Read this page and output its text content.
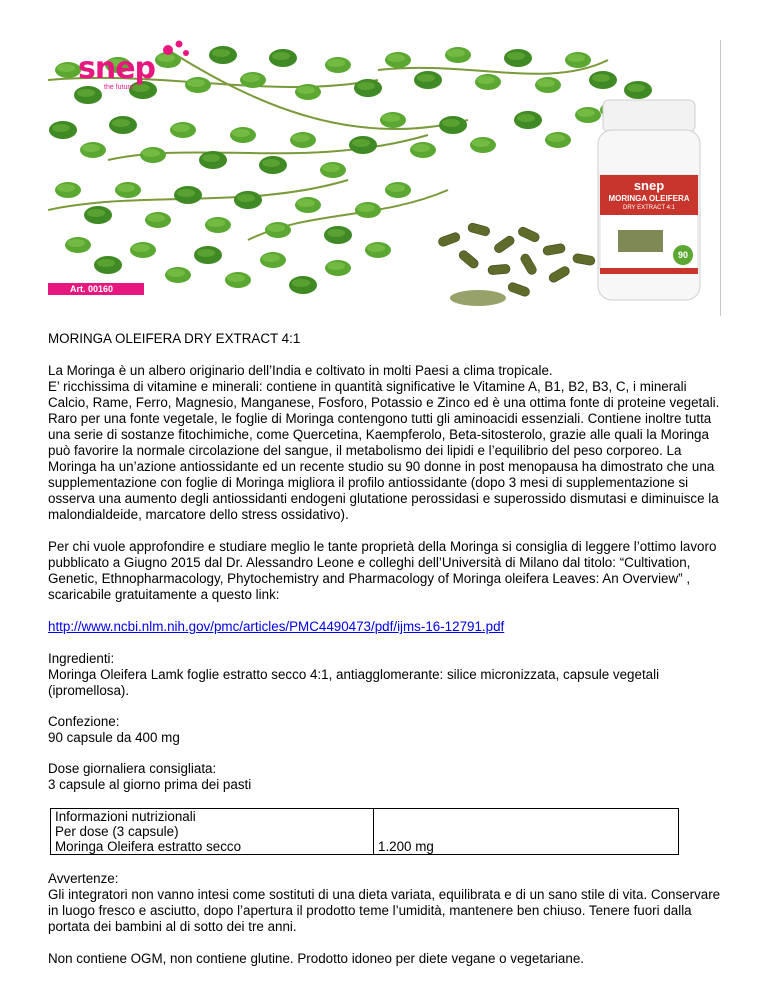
snep
the future
Art. 00160
snep
MORINGA OLEIFERA
DRY EXTRACT 4:1
90

MORINGA OLEIFERA DRY EXTRACT 4:1

La Moringa è un albero originario dell’India e coltivato in molti Paesi a clima tropicale.
E’ ricchissima di vitamine e minerali: contiene in quantità significative le Vitamine A, B1, B2, B3, C, i minerali Calcio, Rame, Ferro, Magnesio, Manganese, Fosforo, Potassio e Zinco ed è una ottima fonte di proteine vegetali. Raro per una fonte vegetale, le foglie di Moringa contengono tutti gli aminoacidi essenziali. Contiene inoltre tutta una serie di sostanze fitochimiche, come Quercetina, Kaempferolo, Beta-sitosterolo, grazie alle quali la Moringa può favorire la normale circolazione del sangue, il metabolismo dei lipidi e l’equilibrio del peso corporeo. La Moringa ha un’azione antiossidante ed un recente studio su 90 donne in post menopausa ha dimostrato che una supplementazione con foglie di Moringa migliora il profilo antiossidante (dopo 3 mesi di supplementazione si osserva una aumento degli antiossidanti endogeni glutatione perossidasi e superossido dismutasi e diminuisce la malondialdeide, marcatore dello stress ossidativo).

Per chi vuole approfondire e studiare meglio le tante proprietà della Moringa si consiglia di leggere l’ottimo lavoro pubblicato a Giugno 2015 dal Dr. Alessandro Leone e colleghi dell’Università di Milano dal titolo: “Cultivation, Genetic, Ethnopharmacology, Phytochemistry and Pharmacology of Moringa oleifera Leaves: An Overview” , scaricabile gratuitamente a questo link:

http://www.ncbi.nlm.nih.gov/pmc/articles/PMC4490473/pdf/ijms-16-12791.pdf

Ingredienti:
Moringa Oleifera Lamk foglie estratto secco 4:1, antiagglomerante: silice micronizzata, capsule vegetali (ipromellosa).

Confezione:
90 capsule da 400 mg

Dose giornaliera consigliata:
3 capsule al giorno prima dei pasti

Informazioni nutrizionali
Per dose (3 capsule)
Moringa Oleifera estratto secco	1.200 mg

Avvertenze:
Gli integratori non vanno intesi come sostituti di una dieta variata, equilibrata e di un sano stile di vita. Conservare in luogo fresco e asciutto, dopo l’apertura il prodotto teme l’umidità, mantenere ben chiuso. Tenere fuori dalla portata dei bambini al di sotto dei tre anni.

Non contiene OGM, non contiene glutine. Prodotto idoneo per diete vegane o vegetariane.
